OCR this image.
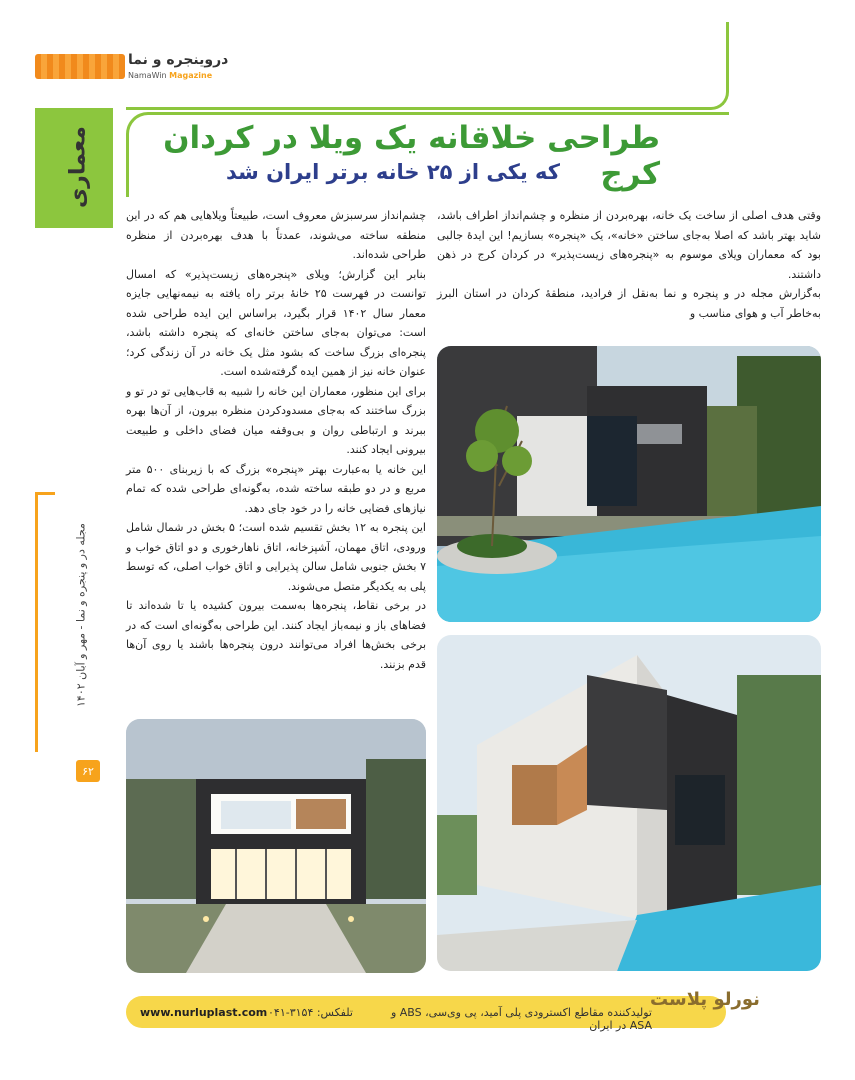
دروینجره و نما
NamaWin Magazine
معماری	طراحی خلاقانه یک ویلا در کردان کرج
که یکی از ۲۵ خانه برتر ایران شد

وقتی هدف اصلی از ساخت یک خانه، بهره‌بردن از منظره و چشم‌انداز اطراف باشد، شاید بهتر باشد که اصلا به‌جای ساختن «خانه»، یک «پنجره» بسازیم! این ایدهٔ جالبی بود که معماران ویلای موسوم به «پنجره‌های زیست‌پذیر» در کردان کرج در ذهن داشتند.

به‌گزارش مجله در و پنجره و نما به‌نقل از فرادید، منطقهٔ کردان در استان البرز به‌خاطر آب و هوای مناسب و

چشم‌انداز سرسبزش معروف است، طبیعتاً ویلاهایی هم که در این منطقه ساخته می‌شوند، عمدتاً با هدف بهره‌بردن از منظره طراحی شده‌اند.

بنابر این گزارش؛ ویلای «پنجره‌های زیست‌پذیر» که امسال توانست در فهرست ۲۵ خانهٔ برتر راه یافته به نیمه‌نهایی جایزه معمار سال ۱۴۰۲ قرار بگیرد، براساس این ایده طراحی شده است: می‌توان به‌جای ساختن خانه‌ای که پنجره داشته باشد، پنجره‌ای بزرگ ساخت که بشود مثل یک خانه در آن زندگی کرد؛ عنوان خانه نیز از همین ایده گرفته‌شده است.

برای این منظور، معماران این خانه را شبیه به قاب‌هایی تو در تو و بزرگ ساختند که به‌جای مسدودکردن منظره بیرون، از آن‌ها بهره ببرند و ارتباطی روان و بی‌وقفه میان فضای داخلی و طبیعت بیرونی ایجاد کنند.

این خانه یا به‌عبارت بهتر «پنجره» بزرگ که با زیربنای ۵۰۰ متر مربع و در دو طبقه ساخته شده، به‌گونه‌ای طراحی شده که تمام نیازهای فضایی خانه را در خود جای دهد.

این پنجره به ۱۲ بخش تقسیم شده است؛ ۵ بخش در شمال شامل ورودی، اتاق مهمان، آشپزخانه، اتاق ناهارخوری و دو اتاق خواب و ۷ بخش جنوبی شامل سالن پذیرایی و اتاق خواب اصلی، که توسط پلی به یکدیگر متصل می‌شوند.

در برخی نقاط، پنجره‌ها به‌سمت بیرون کشیده یا تا شده‌اند تا فضاهای باز و نیمه‌باز ایجاد کنند. این طراحی به‌گونه‌ای است که در برخی بخش‌ها افراد می‌توانند درون پنجره‌ها باشند یا روی آن‌ها قدم بزنند.

مجله در و پنجره و نما - مهر و آبان ۱۴۰۲
۶۲
www.nurluplast.com تلفکس: ۳۱۵۴-۰۴۱	تولیدکننده مقاطع اکسترودی پلی آمید، پی وی‌سی، ABS و ASA در ایران
نورلو پلاست
